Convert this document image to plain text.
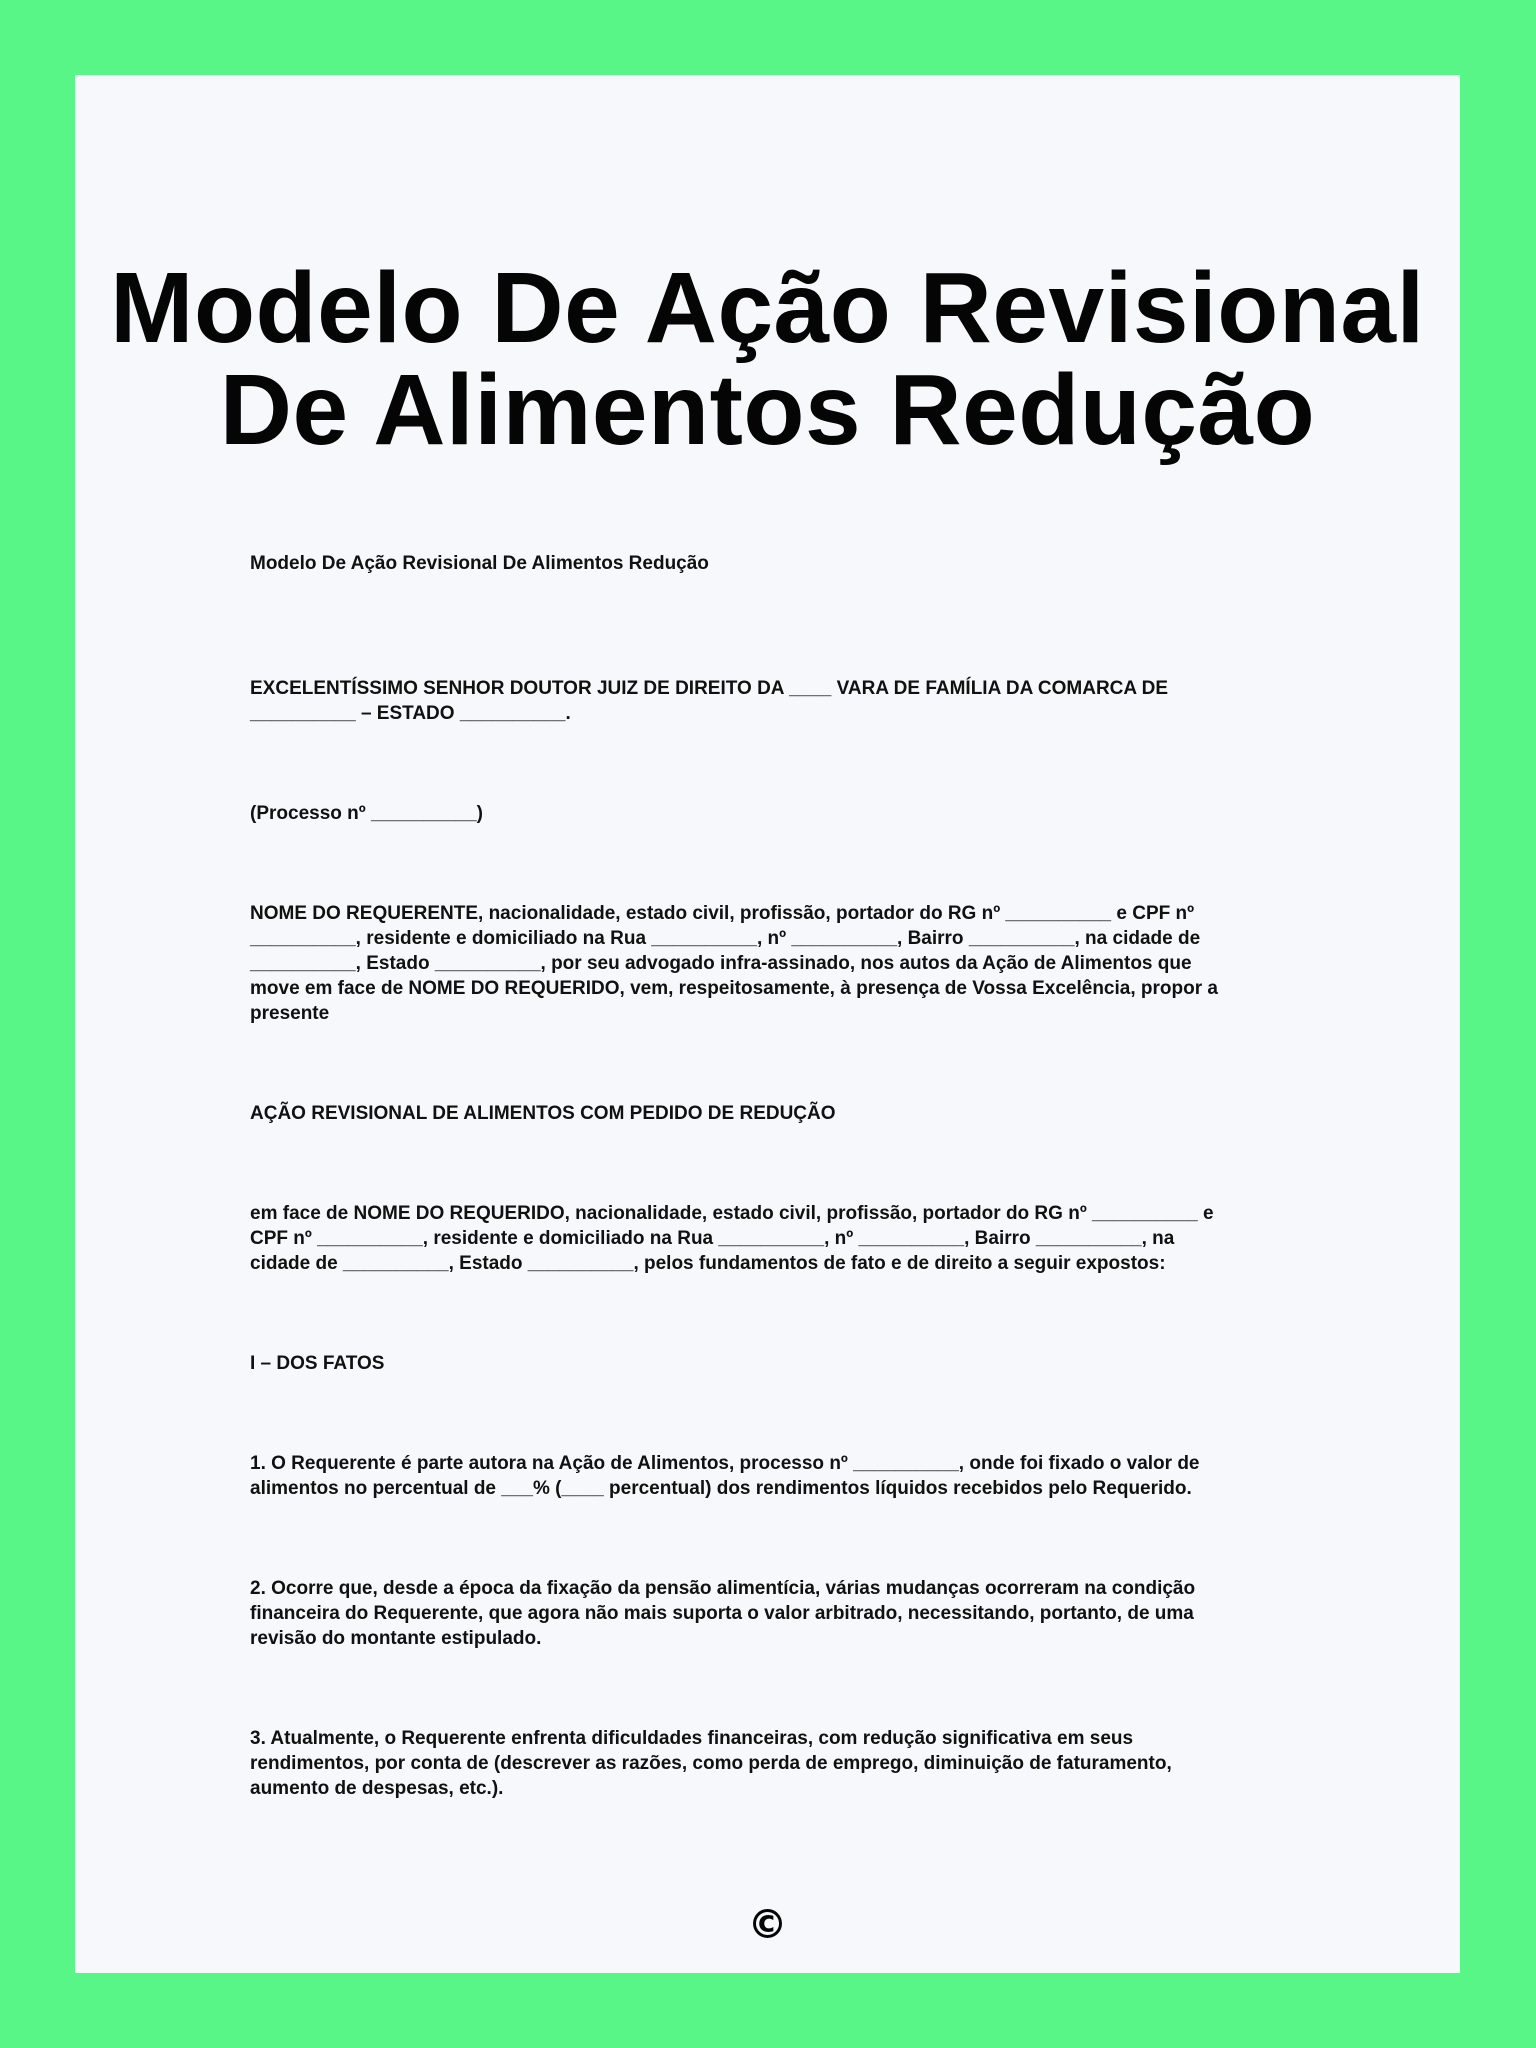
Modelo De Ação Revisional
De Alimentos Redução

Modelo De Ação Revisional De Alimentos Redução

EXCELENTÍSSIMO SENHOR DOUTOR JUIZ DE DIREITO DA ____ VARA DE FAMÍLIA DA COMARCA DE
__________ – ESTADO __________.

(Processo nº __________)

NOME DO REQUERENTE, nacionalidade, estado civil, profissão, portador do RG nº __________ e CPF nº
__________, residente e domiciliado na Rua __________, nº __________, Bairro __________, na cidade de
__________, Estado __________, por seu advogado infra-assinado, nos autos da Ação de Alimentos que
move em face de NOME DO REQUERIDO, vem, respeitosamente, à presença de Vossa Excelência, propor a
presente

AÇÃO REVISIONAL DE ALIMENTOS COM PEDIDO DE REDUÇÃO

em face de NOME DO REQUERIDO, nacionalidade, estado civil, profissão, portador do RG nº __________ e
CPF nº __________, residente e domiciliado na Rua __________, nº __________, Bairro __________, na
cidade de __________, Estado __________, pelos fundamentos de fato e de direito a seguir expostos:

I – DOS FATOS

1. O Requerente é parte autora na Ação de Alimentos, processo nº __________, onde foi fixado o valor de
alimentos no percentual de ___% (____ percentual) dos rendimentos líquidos recebidos pelo Requerido.

2. Ocorre que, desde a época da fixação da pensão alimentícia, várias mudanças ocorreram na condição
financeira do Requerente, que agora não mais suporta o valor arbitrado, necessitando, portanto, de uma
revisão do montante estipulado.

3. Atualmente, o Requerente enfrenta dificuldades financeiras, com redução significativa em seus
rendimentos, por conta de (descrever as razões, como perda de emprego, diminuição de faturamento,
aumento de despesas, etc.).

©
